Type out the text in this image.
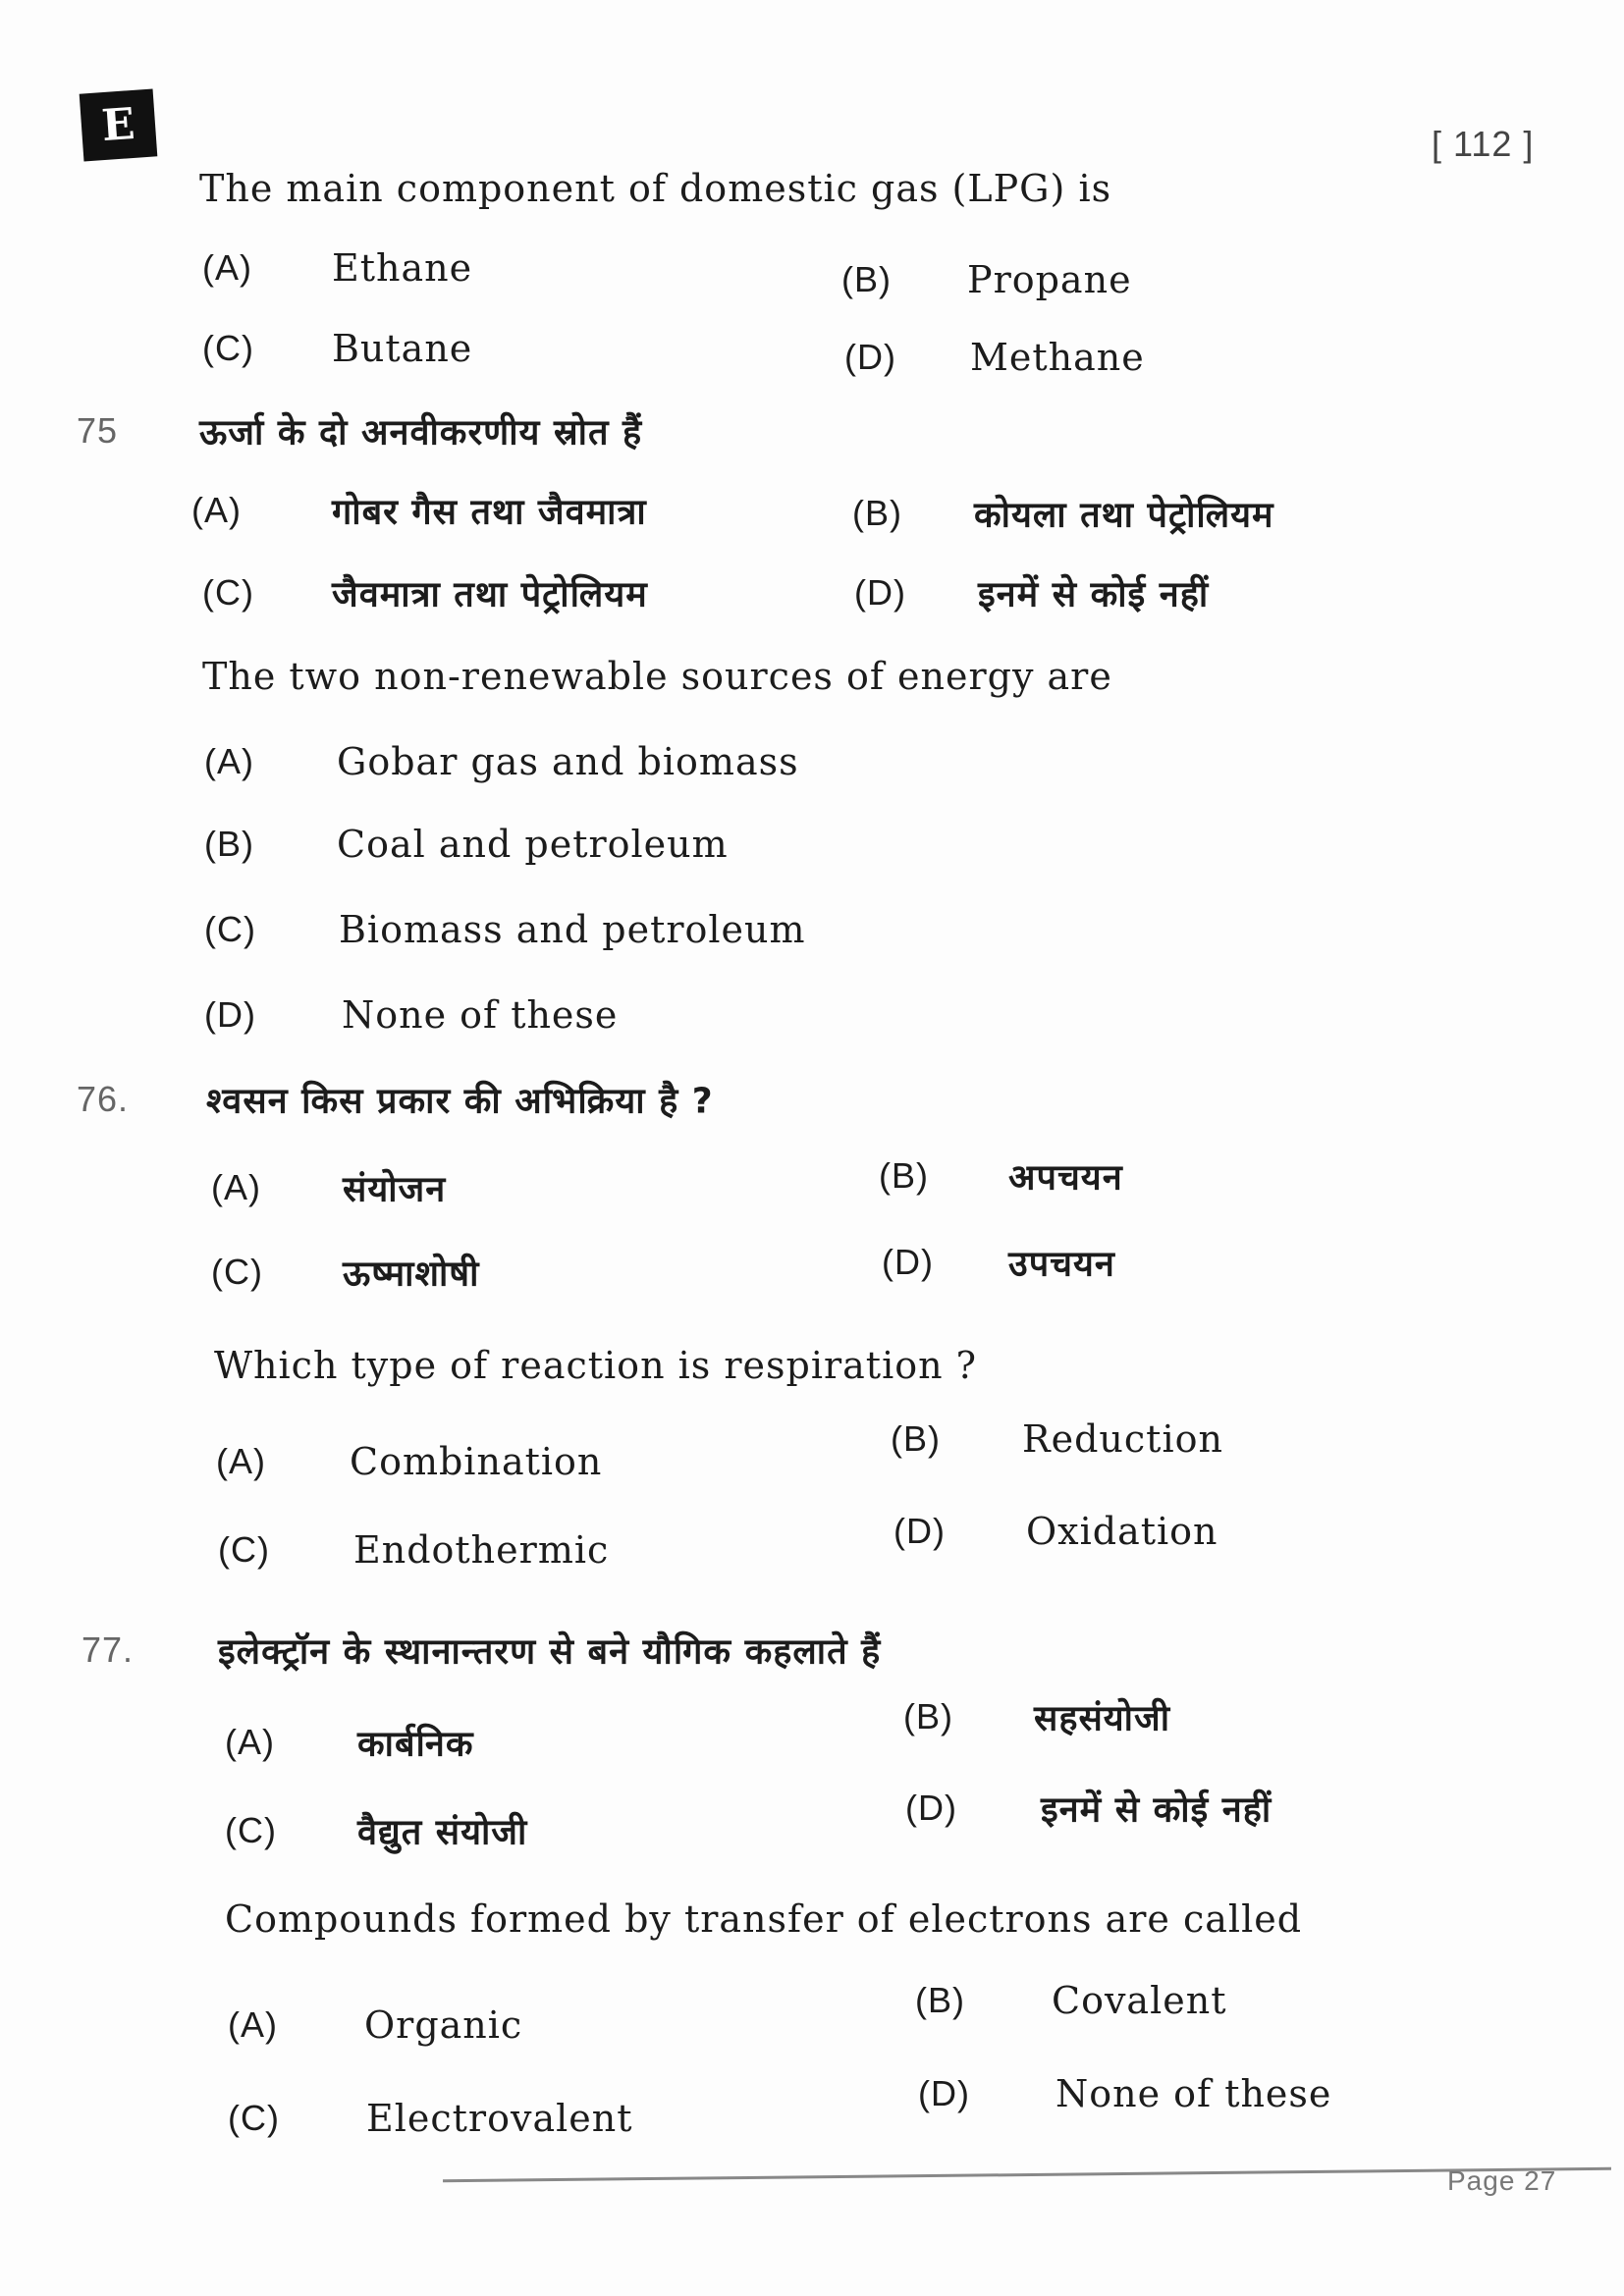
E	[ 112 ]
Page 27
The main component of domestic gas (LPG) is
(A) Ethane	(B) Propane
(C) Butane	(D) Methane
75 ऊर्जा के दो अनवीकरणीय स्रोत हैं
(A)	गोबर गैस तथा जैवमात्रा	(B) कोयला तथा पेट्रोलियम
(C) जैवमात्रा तथा पेट्रोलियम	(D) इनमें से कोई नहीं
The two non-renewable sources of energy are
(A) Gobar gas and biomass
(B) Coal and petroleum
(C) Biomass and petroleum
(D) None of these
76. श्वसन किस प्रकार की अभिक्रिया है ?
(A) संयोजन	(B) अपचयन
(C) ऊष्माशोषी	(D) उपचयन
Which type of reaction is respiration ?
(A) Combination
(B) Reduction
(C) Endothermic	(D) Oxidation
77. इलेक्ट्रॉन के स्थानान्तरण से बने यौगिक कहलाते हैं
(A) कार्बनिक
(B) सहसंयोजी
(C) वैद्युत संयोजी
(D) इनमें से कोई नहीं
Compounds formed by transfer of electrons are called
(A) Organic
(B) Covalent
(C) Electrovalent
(D) None of these
